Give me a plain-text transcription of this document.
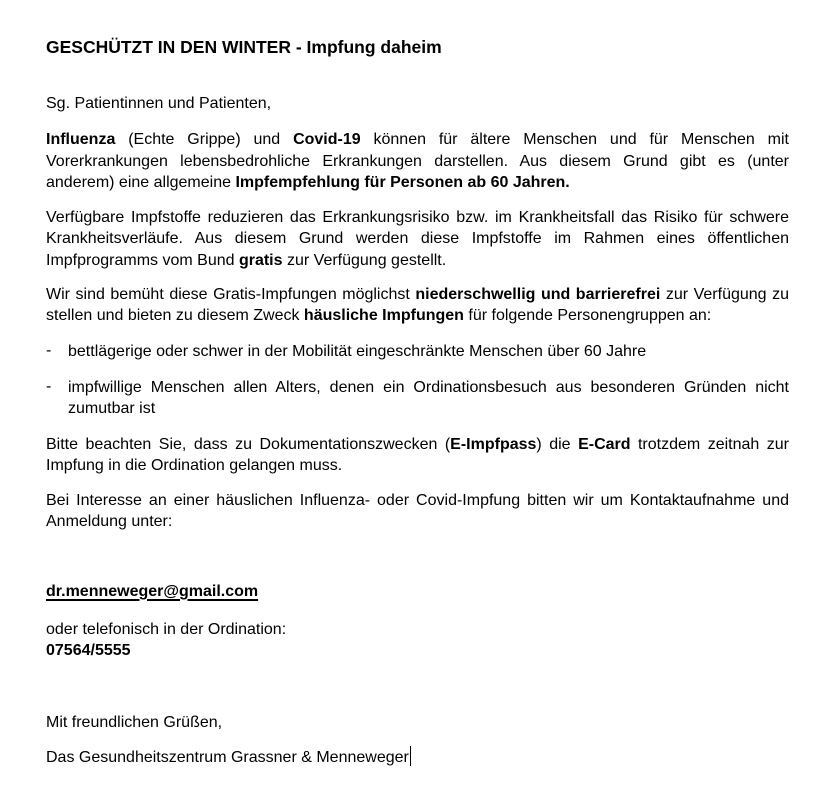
GESCHÜTZT IN DEN WINTER - Impfung daheim

Sg. Patientinnen und Patienten,

Influenza (Echte Grippe) und Covid-19 können für ältere Menschen und für Menschen mit Vorerkrankungen lebensbedrohliche Erkrankungen darstellen. Aus diesem Grund gibt es (unter anderem) eine allgemeine Impfempfehlung für Personen ab 60 Jahren.

Verfügbare Impfstoffe reduzieren das Erkrankungsrisiko bzw. im Krankheitsfall das Risiko für schwere Krankheitsverläufe. Aus diesem Grund werden diese Impfstoffe im Rahmen eines öffentlichen Impfprogramms vom Bund gratis zur Verfügung gestellt.

Wir sind bemüht diese Gratis-Impfungen möglichst niederschwellig und barrierefrei zur Verfügung zu stellen und bieten zu diesem Zweck häusliche Impfungen für folgende Personengruppen an:

- bettlägerige oder schwer in der Mobilität eingeschränkte Menschen über 60 Jahre
- impfwillige Menschen allen Alters, denen ein Ordinationsbesuch aus besonderen Gründen nicht zumutbar ist

Bitte beachten Sie, dass zu Dokumentationszwecken (E-Impfpass) die E-Card trotzdem zeitnah zur Impfung in die Ordination gelangen muss.

Bei Interesse an einer häuslichen Influenza- oder Covid-Impfung bitten wir um Kontaktaufnahme und Anmeldung unter:

dr.menneweger@gmail.com

oder telefonisch in der Ordination:
07564/5555

Mit freundlichen Grüßen,

Das Gesundheitszentrum Grassner & Menneweger
